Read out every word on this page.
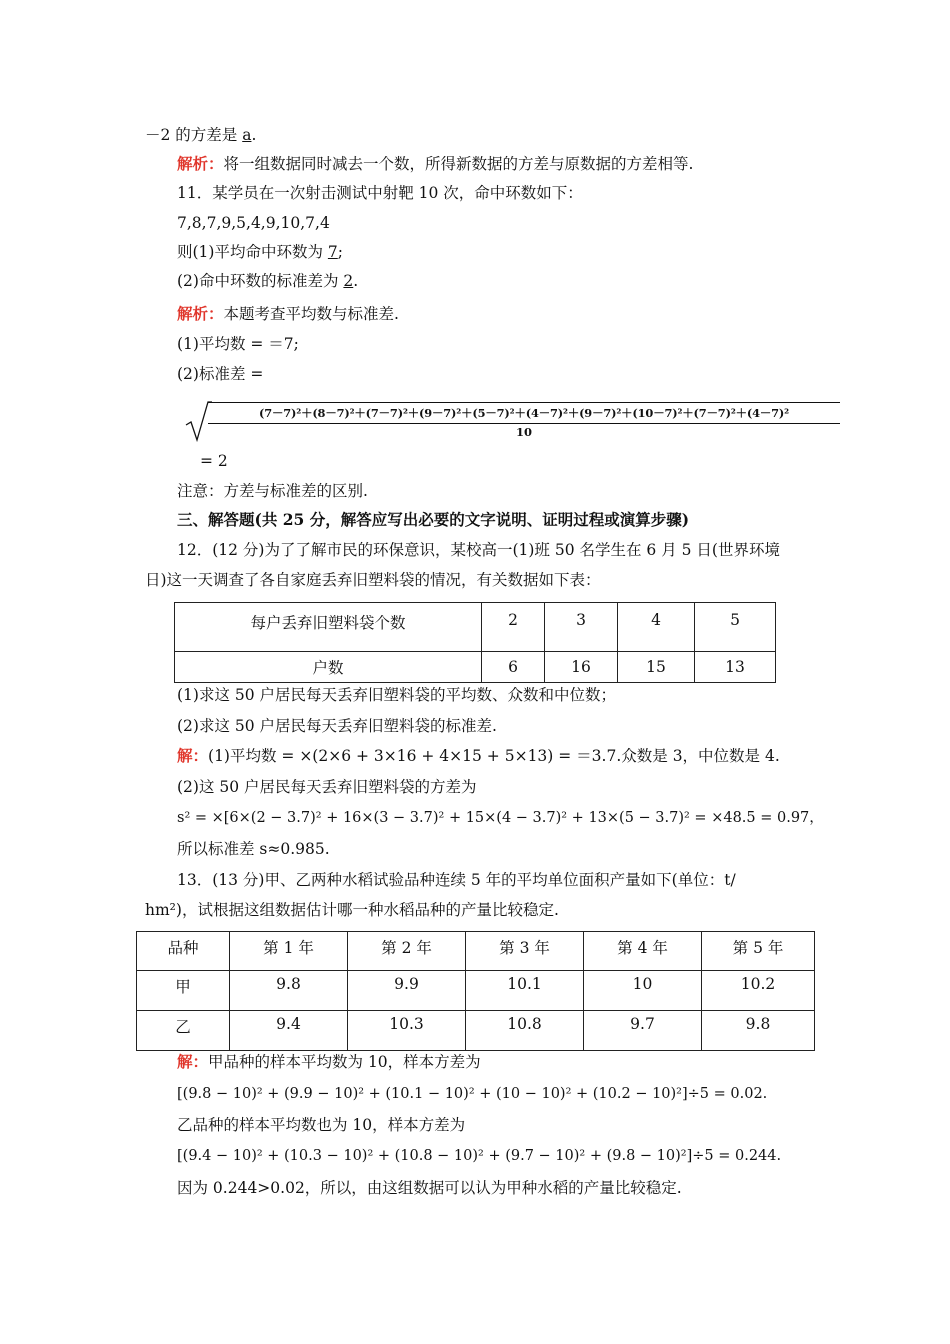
－2 的方差是 a.
解析：将一组数据同时减去一个数，所得新数据的方差与原数据的方差相等.
11．某学员在一次射击测试中射靶 10 次，命中环数如下：
7,8,7,9,5,4,9,10,7,4
则(1)平均命中环数为 7;
(2)命中环数的标准差为 2.
解析：本题考查平均数与标准差.
(1)平均数 = ＝7;
(2)标准差 =
(7－7)²＋(8－7)²＋(7－7)²＋(9－7)²＋(5－7)²＋(4－7)²＋(9－7)²＋(10－7)²＋(7－7)²＋(4－7)²
10
= 2
注意：方差与标准差的区别.
三、解答题(共 25 分，解答应写出必要的文字说明、证明过程或演算步骤)
12．(12 分)为了了解市民的环保意识，某校高一(1)班 50 名学生在 6 月 5 日(世界环境
日)这一天调查了各自家庭丢弃旧塑料袋的情况，有关数据如下表：
每户丢弃旧塑料袋个数	2	3	4	5
户数	6	16	15	13
(1)求这 50 户居民每天丢弃旧塑料袋的平均数、众数和中位数；
(2)求这 50 户居民每天丢弃旧塑料袋的标准差.
解：(1)平均数 = ×(2×6 + 3×16 + 4×15 + 5×13) = ＝3.7.众数是 3，中位数是 4.
(2)这 50 户居民每天丢弃旧塑料袋的方差为
s² = ×[6×(2 − 3.7)² + 16×(3 − 3.7)² + 15×(4 − 3.7)² + 13×(5 − 3.7)² = ×48.5 = 0.97，
所以标准差 s≈0.985.
13．(13 分)甲、乙两种水稻试验品种连续 5 年的平均单位面积产量如下(单位：t/
hm²)，试根据这组数据估计哪一种水稻品种的产量比较稳定.
品种	第 1 年	第 2 年	第 3 年	第 4 年	第 5 年
甲	9.8	9.9	10.1	10	10.2
乙	9.4	10.3	10.8	9.7	9.8
解：甲品种的样本平均数为 10，样本方差为
[(9.8 − 10)² + (9.9 − 10)² + (10.1 − 10)² + (10 − 10)² + (10.2 − 10)²]÷5 = 0.02.
乙品种的样本平均数也为 10，样本方差为
[(9.4 − 10)² + (10.3 − 10)² + (10.8 − 10)² + (9.7 − 10)² + (9.8 − 10)²]÷5 = 0.244.
因为 0.244>0.02，所以，由这组数据可以认为甲种水稻的产量比较稳定.
